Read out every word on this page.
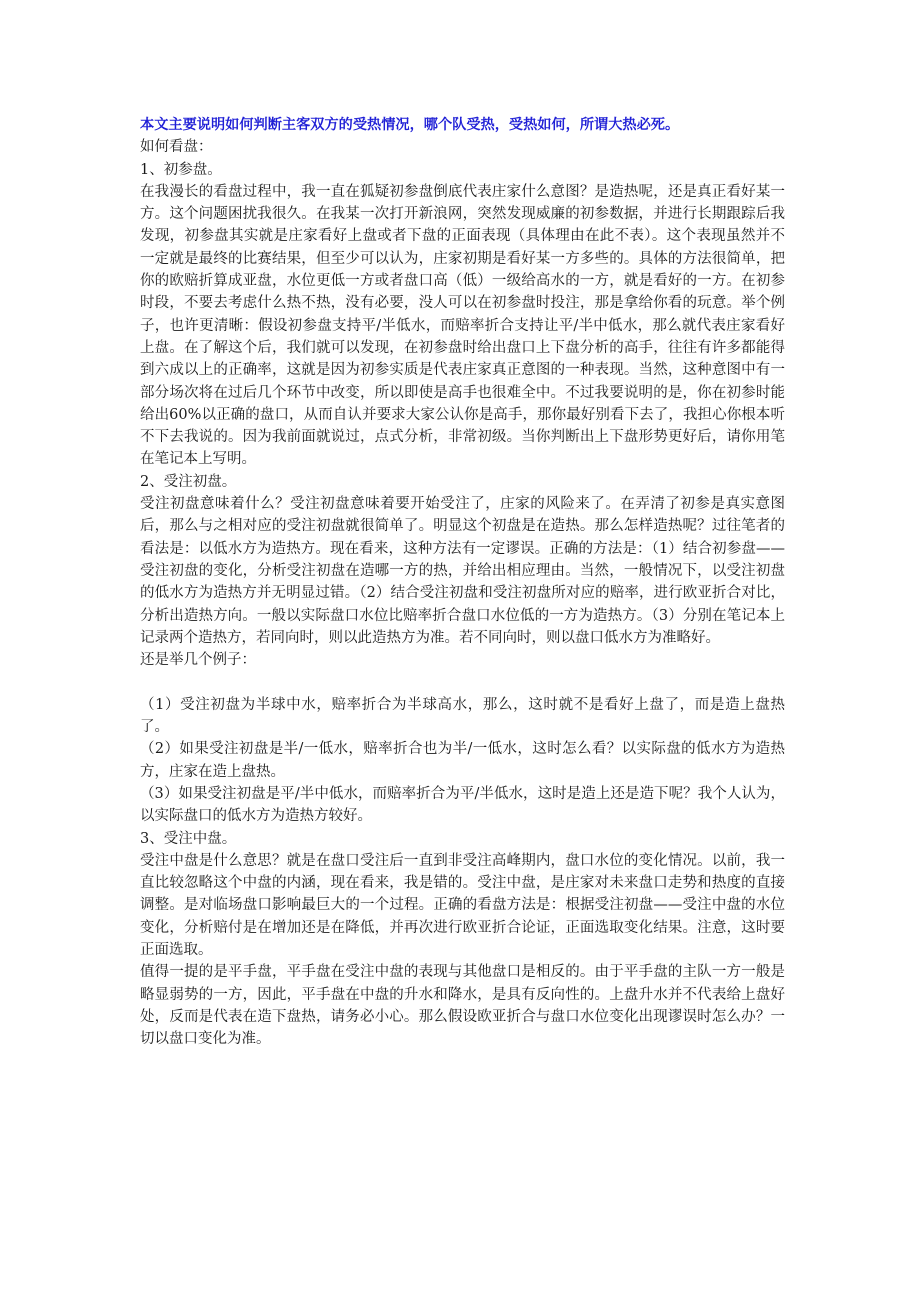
本文主要说明如何判断主客双方的受热情况，哪个队受热，受热如何，所谓大热必死。

如何看盘：

1、初参盘。

在我漫长的看盘过程中，我一直在狐疑初参盘倒底代表庄家什么意图？是造热呢，还是真正看好某一方。这个问题困扰我很久。在我某一次打开新浪网，突然发现威廉的初参数据，并进行长期跟踪后我发现，初参盘其实就是庄家看好上盘或者下盘的正面表现（具体理由在此不表）。这个表现虽然并不一定就是最终的比赛结果，但至少可以认为，庄家初期是看好某一方多些的。具体的方法很简单，把你的欧赔折算成亚盘，水位更低一方或者盘口高（低）一级给高水的一方，就是看好的一方。在初参时段，不要去考虑什么热不热，没有必要，没人可以在初参盘时投注，那是拿给你看的玩意。举个例子，也许更清晰：假设初参盘支持平/半低水，而赔率折合支持让平/半中低水，那么就代表庄家看好上盘。在了解这个后，我们就可以发现，在初参盘时给出盘口上下盘分析的高手，往往有许多都能得到六成以上的正确率，这就是因为初参实质是代表庄家真正意图的一种表现。当然，这种意图中有一部分场次将在过后几个环节中改变，所以即使是高手也很难全中。不过我要说明的是，你在初参时能给出60%以正确的盘口，从而自认并要求大家公认你是高手，那你最好别看下去了，我担心你根本听不下去我说的。因为我前面就说过，点式分析，非常初级。当你判断出上下盘形势更好后，请你用笔在笔记本上写明。

2、受注初盘。

受注初盘意味着什么？受注初盘意味着要开始受注了，庄家的风险来了。在弄清了初参是真实意图后，那么与之相对应的受注初盘就很简单了。明显这个初盘是在造热。那么怎样造热呢？过往笔者的看法是：以低水方为造热方。现在看来，这种方法有一定谬误。正确的方法是：（1）结合初参盘——受注初盘的变化，分析受注初盘在造哪一方的热，并给出相应理由。当然，一般情况下，以受注初盘的低水方为造热方并无明显过错。（2）结合受注初盘和受注初盘所对应的赔率，进行欧亚折合对比，分析出造热方向。一般以实际盘口水位比赔率折合盘口水位低的一方为造热方。（3）分别在笔记本上记录两个造热方，若同向时，则以此造热方为准。若不同向时，则以盘口低水方为准略好。

还是举几个例子：

（1）受注初盘为半球中水，赔率折合为半球高水，那么，这时就不是看好上盘了，而是造上盘热了。

（2）如果受注初盘是半/一低水，赔率折合也为半/一低水，这时怎么看？以实际盘的低水方为造热方，庄家在造上盘热。

（3）如果受注初盘是平/半中低水，而赔率折合为平/半低水，这时是造上还是造下呢？我个人认为，以实际盘口的低水方为造热方较好。

3、受注中盘。

受注中盘是什么意思？就是在盘口受注后一直到非受注高峰期内，盘口水位的变化情况。以前，我一直比较忽略这个中盘的内涵，现在看来，我是错的。受注中盘，是庄家对未来盘口走势和热度的直接调整。是对临场盘口影响最巨大的一个过程。正确的看盘方法是：根据受注初盘——受注中盘的水位变化，分析赔付是在增加还是在降低，并再次进行欧亚折合论证，正面选取变化结果。注意，这时要正面选取。

值得一提的是平手盘，平手盘在受注中盘的表现与其他盘口是相反的。由于平手盘的主队一方一般是略显弱势的一方，因此，平手盘在中盘的升水和降水，是具有反向性的。上盘升水并不代表给上盘好处，反而是代表在造下盘热，请务必小心。那么假设欧亚折合与盘口水位变化出现谬误时怎么办？一切以盘口变化为准。
